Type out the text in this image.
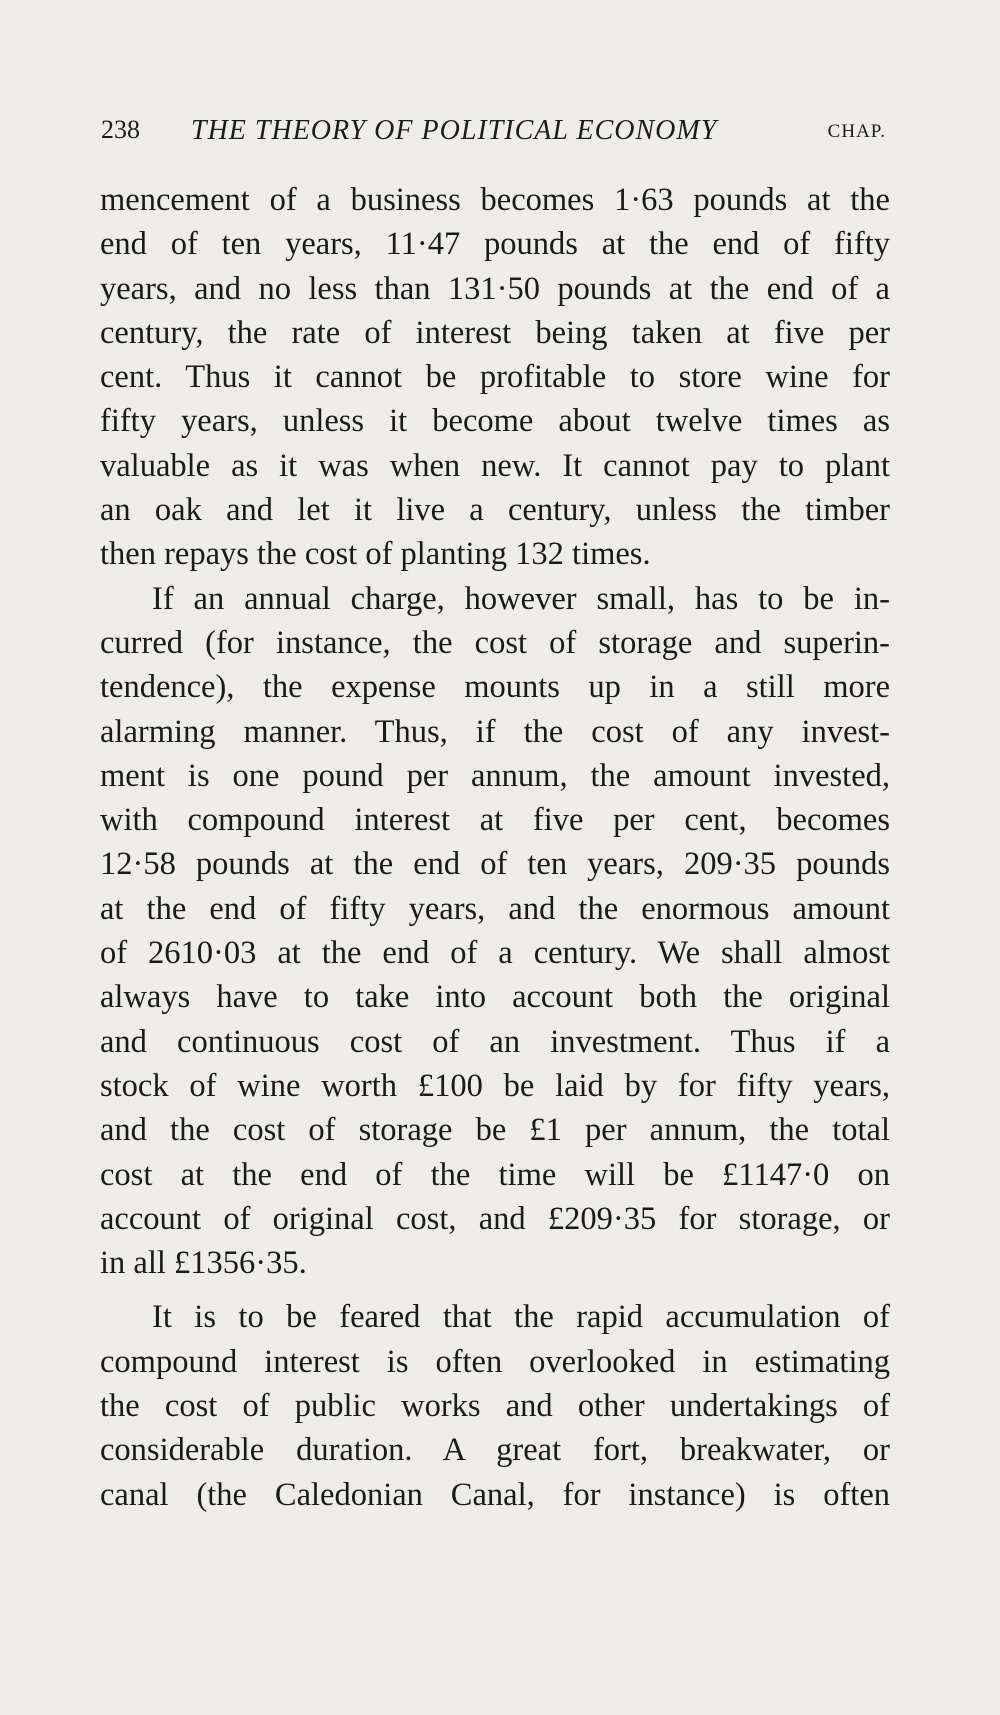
238 THE THEORY OF POLITICAL ECONOMY	CHAP.
mencement of a business becomes 1·63 pounds at the
end of ten years, 11·47 pounds at the end of fifty
years, and no less than 131·50 pounds at the end of a
century, the rate of interest being taken at five per
cent. Thus it cannot be profitable to store wine for
fifty years, unless it become about twelve times as
valuable as it was when new. It cannot pay to plant
an oak and let it live a century, unless the timber
then repays the cost of planting 132 times.
If an annual charge, however small, has to be in-
curred (for instance, the cost of storage and superin-
tendence), the expense mounts up in a still more
alarming manner. Thus, if the cost of any invest-
ment is one pound per annum, the amount invested,
with compound interest at five per cent, becomes
12·58 pounds at the end of ten years, 209·35 pounds
at the end of fifty years, and the enormous amount
of 2610·03 at the end of a century. We shall almost
always have to take into account both the original
and continuous cost of an investment. Thus if a
stock of wine worth £100 be laid by for fifty years,
and the cost of storage be £1 per annum, the total
cost at the end of the time will be £1147·0 on
account of original cost, and £209·35 for storage, or
in all £1356·35.
It is to be feared that the rapid accumulation of
compound interest is often overlooked in estimating
the cost of public works and other undertakings of
considerable duration. A great fort, breakwater, or
canal (the Caledonian Canal, for instance) is often
